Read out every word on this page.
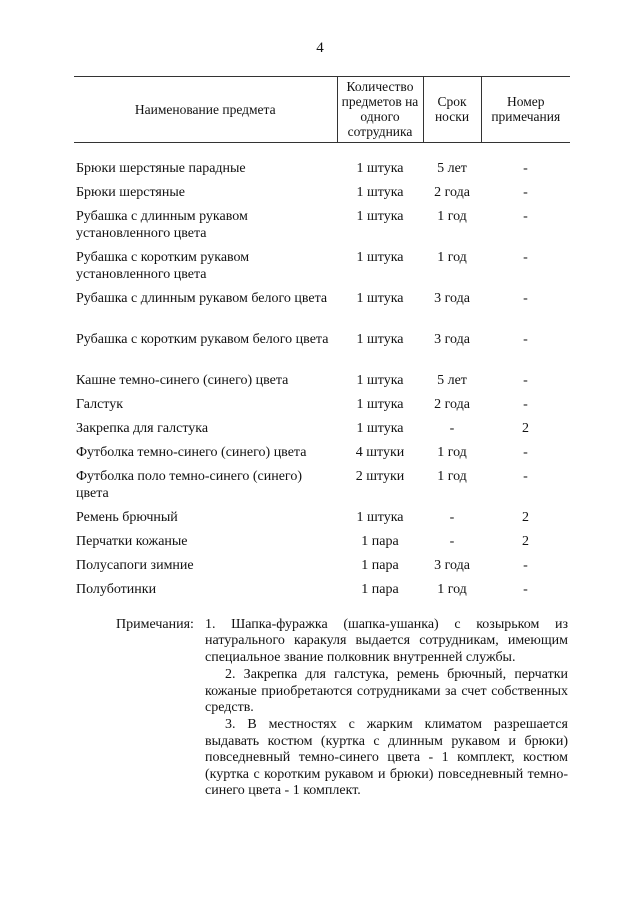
4
Наименование предмета	Количество предметов на одного сотрудника	Срок носки	Номер примечания

Брюки шерстяные парадные	1 штука	5 лет	-
Брюки шерстяные	1 штука	2 года	-
Рубашка с длинным рукавом установленного цвета	1 штука	1 год	-
Рубашка с коротким рукавом установленного цвета	1 штука	1 год	-
Рубашка с длинным рукавом белого цвета	1 штука	3 года	-
Рубашка с коротким рукавом белого цвета	1 штука	3 года	-
Кашне темно-синего (синего) цвета	1 штука	5 лет	-
Галстук	1 штука	2 года	-
Закрепка для галстука	1 штука	-	2
Футболка темно-синего (синего) цвета	4 штуки	1 год	-
Футболка поло темно-синего (синего) цвета	2 штуки	1 год	-
Ремень брючный	1 штука	-	2
Перчатки кожаные	1 пара	-	2
Полусапоги зимние	1 пара	3 года	-
Полуботинки	1 пара	1 год	-
Примечания: 1. Шапка-фуражка (шапка-ушанка) с козырьком из натурального каракуля выдается сотрудникам, имеющим специальное звание полковник внутренней службы.

2. Закрепка для галстука, ремень брючный, перчатки кожаные приобретаются сотрудниками за счет собственных средств.

3. В местностях с жарким климатом разрешается выдавать костюм (куртка с длинным рукавом и брюки) повседневный темно-синего цвета - 1 комплект, костюм (куртка с коротким рукавом и брюки) повседневный темно-синего цвета - 1 комплект.
